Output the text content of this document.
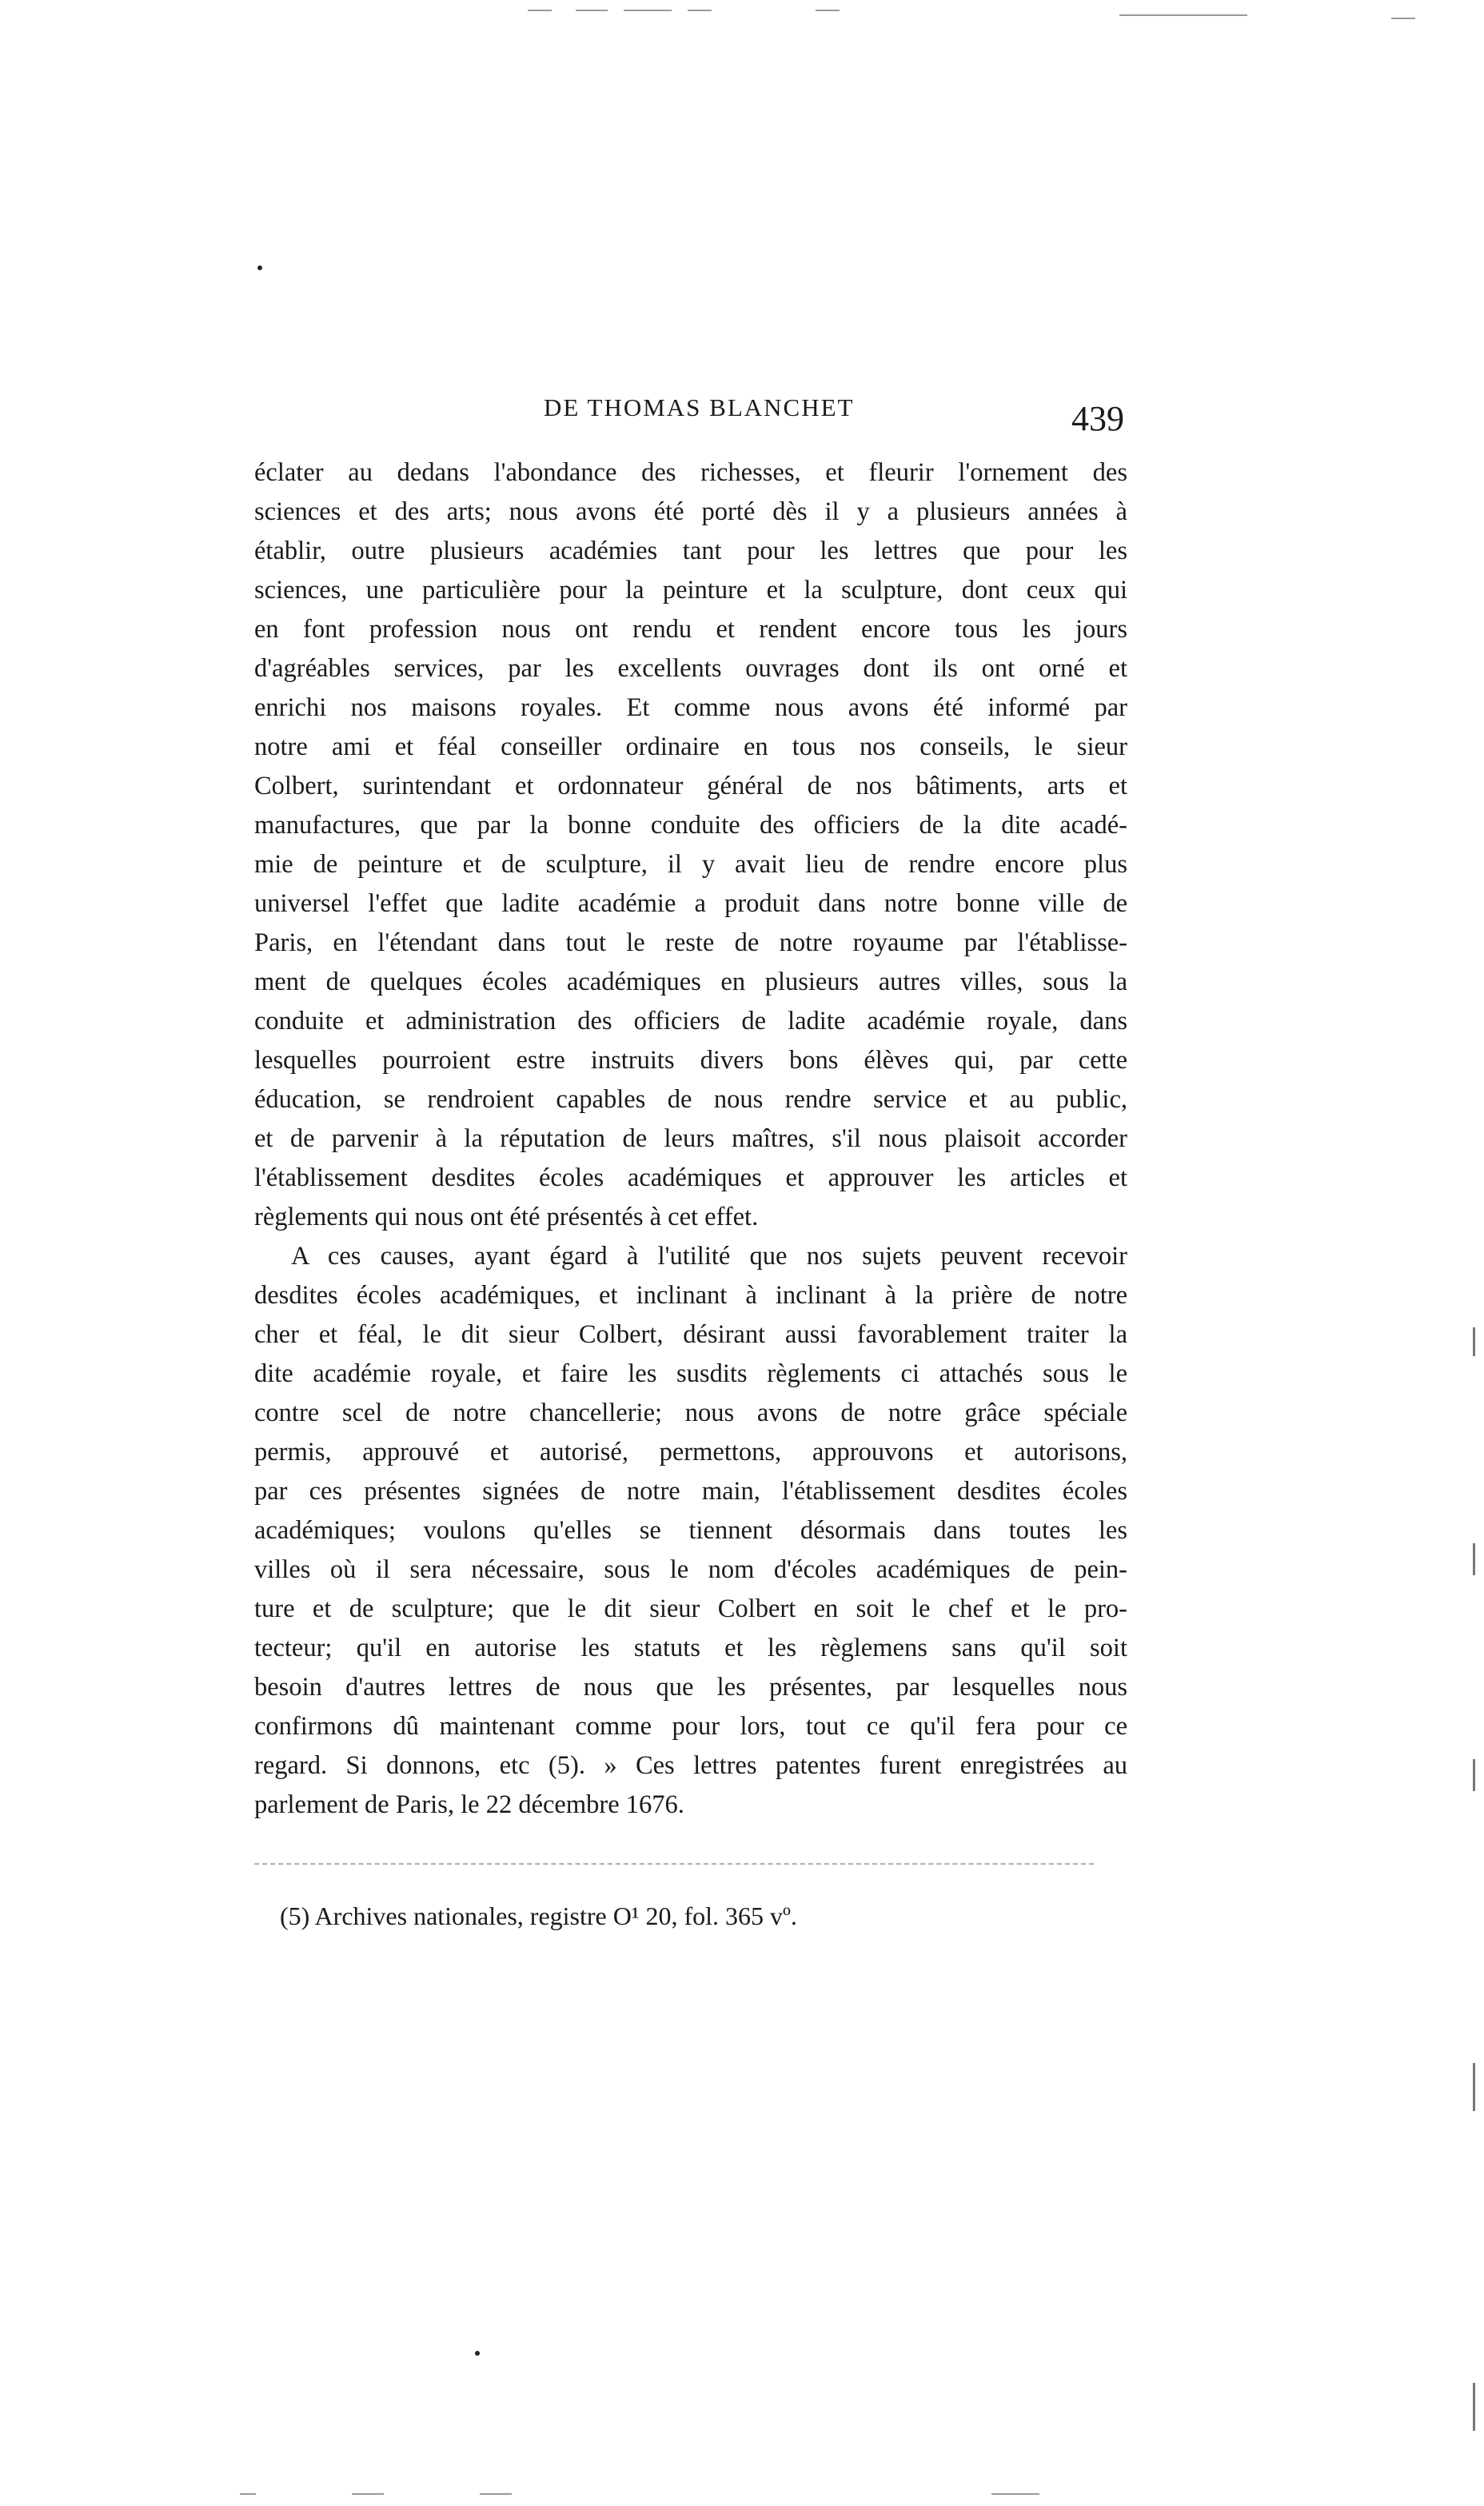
DE THOMAS BLANCHET	439

éclater au dedans l'abondance des richesses, et fleurir l'ornement des
sciences et des arts; nous avons été porté dès il y a plusieurs années à
établir, outre plusieurs académies tant pour les lettres que pour les
sciences, une particulière pour la peinture et la sculpture, dont ceux qui
en font profession nous ont rendu et rendent encore tous les jours
d'agréables services, par les excellents ouvrages dont ils ont orné et
enrichi nos maisons royales. Et comme nous avons été informé par
notre ami et féal conseiller ordinaire en tous nos conseils, le sieur
Colbert, surintendant et ordonnateur général de nos bâtiments, arts et
manufactures, que par la bonne conduite des officiers de la dite acadé-
mie de peinture et de sculpture, il y avait lieu de rendre encore plus
universel l'effet que ladite académie a produit dans notre bonne ville de
Paris, en l'étendant dans tout le reste de notre royaume par l'établisse-
ment de quelques écoles académiques en plusieurs autres villes, sous la
conduite et administration des officiers de ladite académie royale, dans
lesquelles pourroient estre instruits divers bons élèves qui, par cette
éducation, se rendroient capables de nous rendre service et au public,
et de parvenir à la réputation de leurs maîtres, s'il nous plaisoit accorder
l'établissement desdites écoles académiques et approuver les articles et
règlements qui nous ont été présentés à cet effet.

A ces causes, ayant égard à l'utilité que nos sujets peuvent recevoir
desdites écoles académiques, et inclinant à inclinant à la prière de notre
cher et féal, le dit sieur Colbert, désirant aussi favorablement traiter la
dite académie royale, et faire les susdits règlements ci attachés sous le
contre scel de notre chancellerie; nous avons de notre grâce spéciale
permis, approuvé et autorisé, permettons, approuvons et autorisons,
par ces présentes signées de notre main, l'établissement desdites écoles
académiques; voulons qu'elles se tiennent désormais dans toutes les
villes où il sera nécessaire, sous le nom d'écoles académiques de pein-
ture et de sculpture; que le dit sieur Colbert en soit le chef et le pro-
tecteur; qu'il en autorise les statuts et les règlemens sans qu'il soit
besoin d'autres lettres de nous que les présentes, par lesquelles nous
confirmons dû maintenant comme pour lors, tout ce qu'il fera pour ce
regard. Si donnons, etc (5). » Ces lettres patentes furent enregistrées au
parlement de Paris, le 22 décembre 1676.

(5) Archives nationales, registre O¹ 20, fol. 365 vº.
